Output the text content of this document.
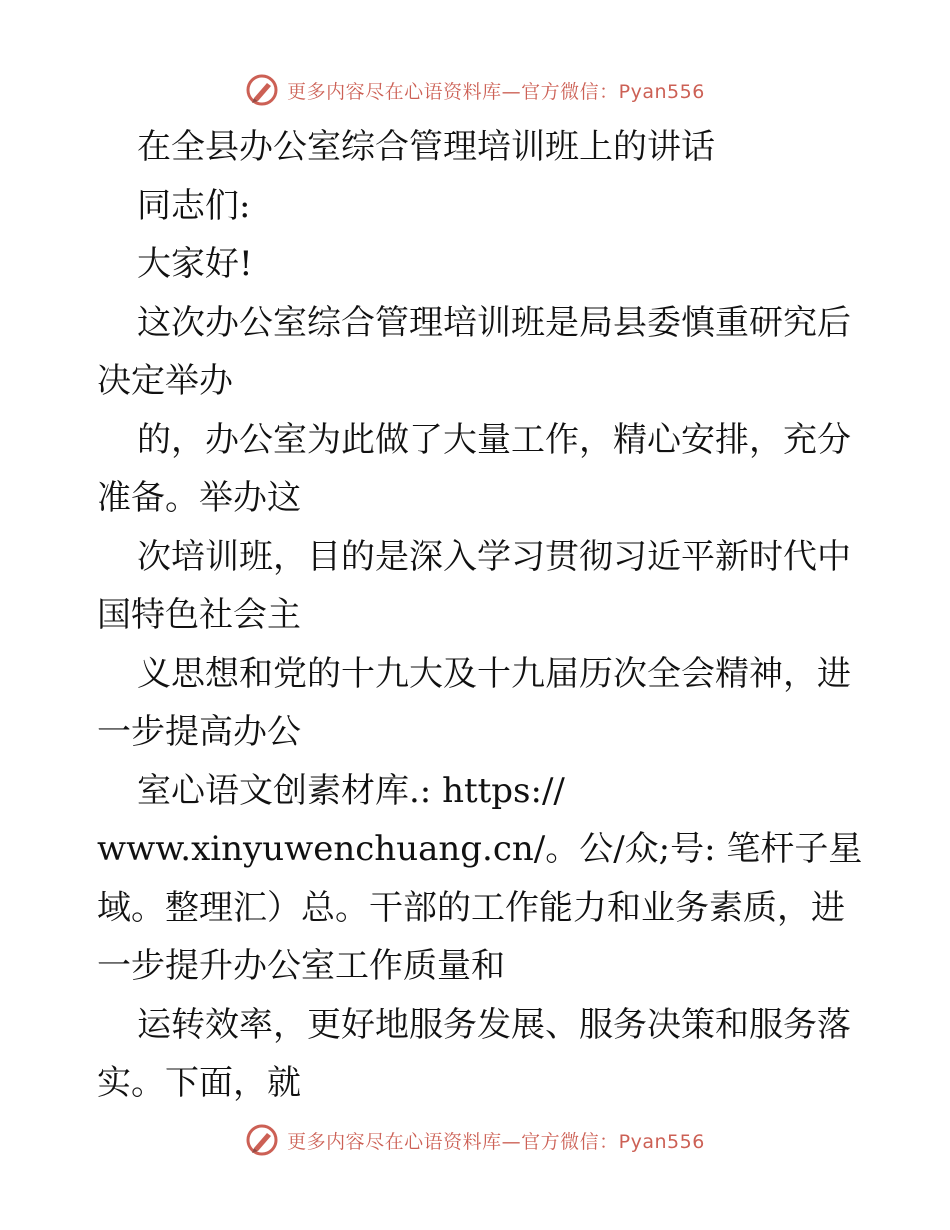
更多内容尽在心语资料库—官方微信：Pyan556
在全县办公室综合管理培训班上的讲话
同志们:
大家好!
这次办公室综合管理培训班是局县委慎重研究后
决定举办
的，办公室为此做了大量工作，精心安排，充分
准备。举办这
次培训班，目的是深入学习贯彻习近平新时代中
国特色社会主
义思想和党的十九大及十九届历次全会精神，进
一步提高办公
室心语文创素材库.: https://
www.xinyuwenchuang.cn/。公/众;号: 笔杆子星
域。整理汇）总。干部的工作能力和业务素质，进
一步提升办公室工作质量和
运转效率，更好地服务发展、服务决策和服务落
实。下面，就
更多内容尽在心语资料库—官方微信：Pyan556
